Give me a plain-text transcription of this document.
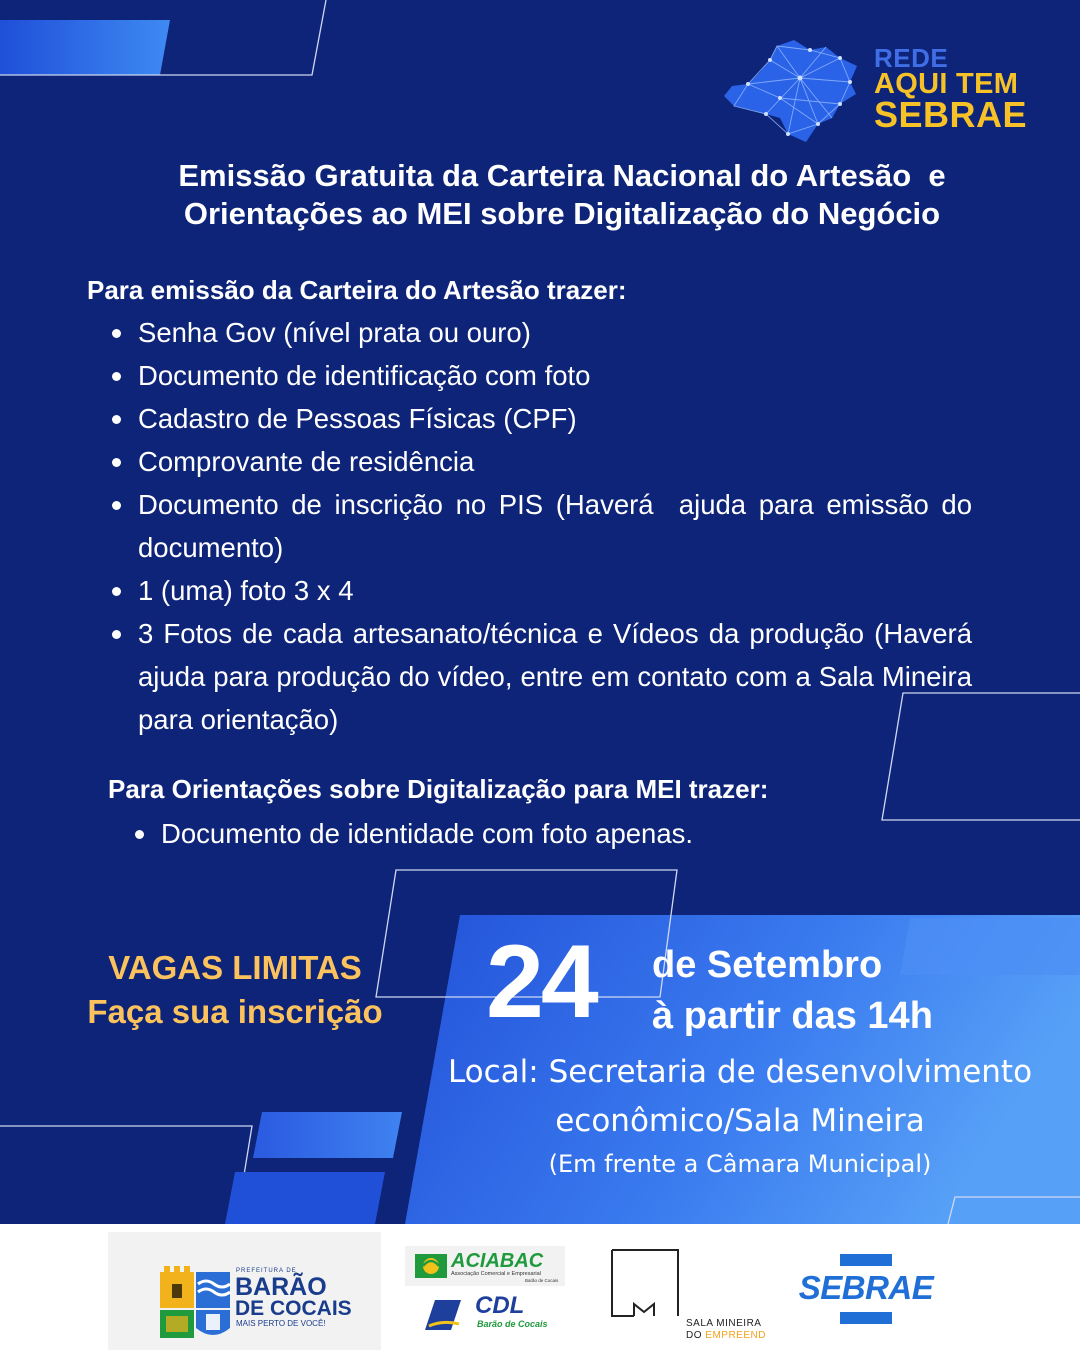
REDE
AQUI TEM
SEBRAE
Emissão Gratuita da Carteira Nacional do Artesão  e
Orientações ao MEI sobre Digitalização do Negócio
Para emissão da Carteira do Artesão trazer:
Senha Gov (nível prata ou ouro)
Documento de identificação com foto
Cadastro de Pessoas Físicas (CPF)
Comprovante de residência
Documento de inscrição no PIS (Haverá  ajuda para emissão do documento)
1 (uma) foto 3 x 4
3 Fotos de cada artesanato/técnica e Vídeos da produção (Haverá ajuda para produção do vídeo, entre em contato com a Sala Mineira para orientação)
Para Orientações sobre Digitalização para MEI trazer:
Documento de identidade com foto apenas.
VAGAS LIMITAS
Faça sua inscrição 24 de Setembro
à partir das 14h
Local: Secretaria de desenvolvimento
econômico/Sala Mineira
(Em frente a Câmara Municipal)
PREFEITURA DE
BARÃO
DE COCAIS
MAIS PERTO DE VOCÊ!
ACIABAC
Associação Comercial e Empresarial
Barão de Cocais
CDL
Barão de Cocais	SALA MINEIRA
DO EMPREEND
SEBRAE
